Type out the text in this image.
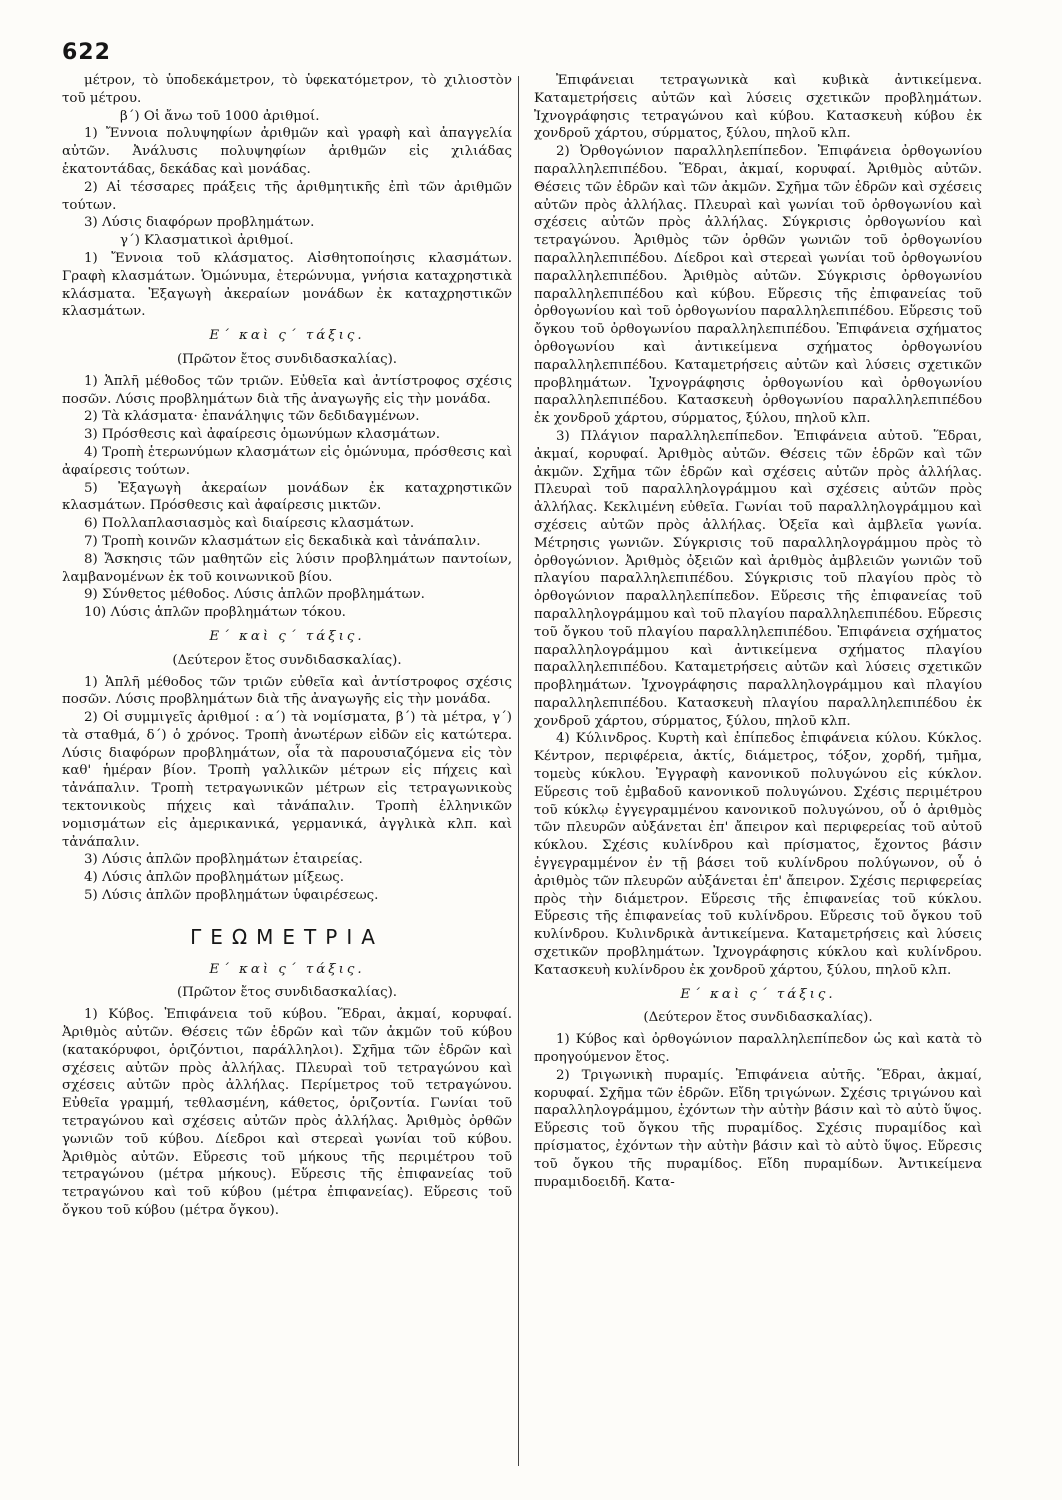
622

μέτρον, τὸ ὑποδεκάμετρον, τὸ ὑφεκατόμετρον, τὸ χιλιοστὸν τοῦ μέτρου.

β΄) Οἱ ἄνω τοῦ 1000 ἀριθμοί.

1) Ἔννοια πολυψηφίων ἀριθμῶν καὶ γραφὴ καὶ ἀπαγγελία αὐτῶν. Ἀνάλυσις πολυψηφίων ἀριθμῶν εἰς χιλιάδας ἑκατοντάδας, δεκάδας καὶ μονάδας.

2) Αἱ τέσσαρες πράξεις τῆς ἀριθμητικῆς ἐπὶ τῶν ἀριθμῶν τούτων.

3) Λύσις διαφόρων προβλημάτων.

γ΄) Κλασματικοὶ ἀριθμοί.

1) Ἔννοια τοῦ κλάσματος. Αἰσθητοποίησις κλασμάτων. Γραφὴ κλασμάτων. Ὁμώνυμα, ἑτερώνυμα, γνήσια καταχρηστικὰ κλάσματα. Ἐξαγωγὴ ἀκεραίων μονάδων ἐκ καταχρηστικῶν κλασμάτων.

Ε΄ καὶ ς΄ τάξις.

(Πρῶτον ἔτος συνδιδασκαλίας).

1) Ἁπλῆ μέθοδος τῶν τριῶν. Εὐθεῖα καὶ ἀντίστροφος σχέσις ποσῶν. Λύσις προβλημάτων διὰ τῆς ἀναγωγῆς εἰς τὴν μονάδα.

2) Τὰ κλάσματα· ἐπανάληψις τῶν δεδιδαγμένων.

3) Πρόσθεσις καὶ ἀφαίρεσις ὁμωνύμων κλασμάτων.

4) Τροπὴ ἑτερωνύμων κλασμάτων εἰς ὁμώνυμα, πρόσθεσις καὶ ἀφαίρεσις τούτων.

5) Ἐξαγωγὴ ἀκεραίων μονάδων ἐκ καταχρηστικῶν κλασμάτων. Πρόσθεσις καὶ ἀφαίρεσις μικτῶν.

6) Πολλαπλασιασμὸς καὶ διαίρεσις κλασμάτων.

7) Τροπὴ κοινῶν κλασμάτων εἰς δεκαδικὰ καὶ τἀνάπαλιν.

8) Ἄσκησις τῶν μαθητῶν εἰς λύσιν προβλημάτων παντοίων, λαμβανομένων ἐκ τοῦ κοινωνικοῦ βίου.

9) Σύνθετος μέθοδος. Λύσις ἁπλῶν προβλημάτων.

10) Λύσις ἁπλῶν προβλημάτων τόκου.

Ε΄ καὶ ς΄ τάξις.

(Δεύτερον ἔτος συνδιδασκαλίας).

1) Ἁπλῆ μέθοδος τῶν τριῶν εὐθεῖα καὶ ἀντίστροφος σχέσις ποσῶν. Λύσις προβλημάτων διὰ τῆς ἀναγωγῆς εἰς τὴν μονάδα.

2) Οἱ συμμιγεῖς ἀριθμοί : α΄) τὰ νομίσματα, β΄) τὰ μέτρα, γ΄) τὰ σταθμά, δ΄) ὁ χρόνος. Τροπὴ ἀνωτέρων εἰδῶν εἰς κατώτερα. Λύσις διαφόρων προβλημάτων, οἷα τὰ παρουσιαζόμενα εἰς τὸν καθ' ἡμέραν βίον. Τροπὴ γαλλικῶν μέτρων εἰς πήχεις καὶ τἀνάπαλιν. Τροπὴ τετραγωνικῶν μέτρων εἰς τετραγωνικοὺς τεκτονικοὺς πήχεις καὶ τἀνάπαλιν. Τροπὴ ἑλληνικῶν νομισμάτων εἰς ἀμερικανικά, γερμανικά, ἀγγλικὰ κλπ. καὶ τἀνάπαλιν.

3) Λύσις ἁπλῶν προβλημάτων ἑταιρείας.

4) Λύσις ἁπλῶν προβλημάτων μίξεως.

5) Λύσις ἁπλῶν προβλημάτων ὑφαιρέσεως.

ΓΕΩΜΕΤΡΙΑ

Ε΄ καὶ ς΄ τάξις.

(Πρῶτον ἔτος συνδιδασκαλίας).

1) Κύβος. Ἐπιφάνεια τοῦ κύβου. Ἕδραι, ἀκμαί, κορυφαί. Ἀριθμὸς αὐτῶν. Θέσεις τῶν ἑδρῶν καὶ τῶν ἀκμῶν τοῦ κύβου (κατακόρυφοι, ὁριζόντιοι, παράλληλοι). Σχῆμα τῶν ἑδρῶν καὶ σχέσεις αὐτῶν πρὸς ἀλλήλας. Πλευραὶ τοῦ τετραγώνου καὶ σχέσεις αὐτῶν πρὸς ἀλλήλας. Περίμετρος τοῦ τετραγώνου. Εὐθεῖα γραμμή, τεθλασμένη, κάθετος, ὁριζοντία. Γωνίαι τοῦ τετραγώνου καὶ σχέσεις αὐτῶν πρὸς ἀλλήλας. Ἀριθμὸς ὀρθῶν γωνιῶν τοῦ κύβου. Δίεδροι καὶ στερεαὶ γωνίαι τοῦ κύβου. Ἀριθμὸς αὐτῶν. Εὕρεσις τοῦ μήκους τῆς περιμέτρου τοῦ τετραγώνου (μέτρα μήκους). Εὕρεσις τῆς ἐπιφανείας τοῦ τετραγώνου καὶ τοῦ κύβου (μέτρα ἐπιφανείας). Εὕρεσις τοῦ ὄγκου τοῦ κύβου (μέτρα ὄγκου).

Ἐπιφάνειαι τετραγωνικὰ καὶ κυβικὰ ἀντικείμενα. Καταμετρήσεις αὐτῶν καὶ λύσεις σχετικῶν προβλημάτων. Ἰχνογράφησις τετραγώνου καὶ κύβου. Κατασκευὴ κύβου ἐκ χονδροῦ χάρτου, σύρματος, ξύλου, πηλοῦ κλπ.

2) Ὀρθογώνιον παραλληλεπίπεδον. Ἐπιφάνεια ὀρθογωνίου παραλληλεπιπέδου. Ἕδραι, ἀκμαί, κορυφαί. Ἀριθμὸς αὐτῶν. Θέσεις τῶν ἑδρῶν καὶ τῶν ἀκμῶν. Σχῆμα τῶν ἑδρῶν καὶ σχέσεις αὐτῶν πρὸς ἀλλήλας. Πλευραὶ καὶ γωνίαι τοῦ ὀρθογωνίου καὶ σχέσεις αὐτῶν πρὸς ἀλλήλας. Σύγκρισις ὀρθογωνίου καὶ τετραγώνου. Ἀριθμὸς τῶν ὀρθῶν γωνιῶν τοῦ ὀρθογωνίου παραλληλεπιπέδου. Δίεδροι καὶ στερεαὶ γωνίαι τοῦ ὀρθογωνίου παραλληλεπιπέδου. Ἀριθμὸς αὐτῶν. Σύγκρισις ὀρθογωνίου παραλληλεπιπέδου καὶ κύβου. Εὕρεσις τῆς ἐπιφανείας τοῦ ὀρθογωνίου καὶ τοῦ ὀρθογωνίου παραλληλεπιπέδου. Εὕρεσις τοῦ ὄγκου τοῦ ὀρθογωνίου παραλληλεπιπέδου. Ἐπιφάνεια σχήματος ὀρθογωνίου καὶ ἀντικείμενα σχήματος ὀρθογωνίου παραλληλεπιπέδου. Καταμετρήσεις αὐτῶν καὶ λύσεις σχετικῶν προβλημάτων. Ἰχνογράφησις ὀρθογωνίου καὶ ὀρθογωνίου παραλληλεπιπέδου. Κατασκευὴ ὀρθογωνίου παραλληλεπιπέδου ἐκ χονδροῦ χάρτου, σύρματος, ξύλου, πηλοῦ κλπ.

3) Πλάγιον παραλληλεπίπεδον. Ἐπιφάνεια αὐτοῦ. Ἕδραι, ἀκμαί, κορυφαί. Ἀριθμὸς αὐτῶν. Θέσεις τῶν ἑδρῶν καὶ τῶν ἀκμῶν. Σχῆμα τῶν ἑδρῶν καὶ σχέσεις αὐτῶν πρὸς ἀλλήλας. Πλευραὶ τοῦ παραλληλογράμμου καὶ σχέσεις αὐτῶν πρὸς ἀλλήλας. Κεκλιμένη εὐθεῖα. Γωνίαι τοῦ παραλληλογράμμου καὶ σχέσεις αὐτῶν πρὸς ἀλλήλας. Ὀξεῖα καὶ ἀμβλεῖα γωνία. Μέτρησις γωνιῶν. Σύγκρισις τοῦ παραλληλογράμμου πρὸς τὸ ὀρθογώνιον. Ἀριθμὸς ὀξειῶν καὶ ἀριθμὸς ἀμβλειῶν γωνιῶν τοῦ πλαγίου παραλληλεπιπέδου. Σύγκρισις τοῦ πλαγίου πρὸς τὸ ὀρθογώνιον παραλληλεπίπεδον. Εὕρεσις τῆς ἐπιφανείας τοῦ παραλληλογράμμου καὶ τοῦ πλαγίου παραλληλεπιπέδου. Εὕρεσις τοῦ ὄγκου τοῦ πλαγίου παραλληλεπιπέδου. Ἐπιφάνεια σχήματος παραλληλογράμμου καὶ ἀντικείμενα σχήματος πλαγίου παραλληλεπιπέδου. Καταμετρήσεις αὐτῶν καὶ λύσεις σχετικῶν προβλημάτων. Ἰχνογράφησις παραλληλογράμμου καὶ πλαγίου παραλληλεπιπέδου. Κατασκευὴ πλαγίου παραλληλεπιπέδου ἐκ χονδροῦ χάρτου, σύρματος, ξύλου, πηλοῦ κλπ.

4) Κύλινδρος. Κυρτὴ καὶ ἐπίπεδος ἐπιφάνεια κύλου. Κύκλος. Κέντρον, περιφέρεια, ἀκτίς, διάμετρος, τόξον, χορδή, τμῆμα, τομεὺς κύκλου. Ἐγγραφὴ κανονικοῦ πολυγώνου εἰς κύκλον. Εὕρεσις τοῦ ἐμβαδοῦ κανονικοῦ πολυγώνου. Σχέσις περιμέτρου τοῦ κύκλῳ ἐγγεγραμμένου κανονικοῦ πολυγώνου, οὗ ὁ ἀριθμὸς τῶν πλευρῶν αὐξάνεται ἐπ' ἄπειρον καὶ περιφερείας τοῦ αὐτοῦ κύκλου. Σχέσις κυλίνδρου καὶ πρίσματος, ἔχοντος βάσιν ἐγγεγραμμένον ἐν τῇ βάσει τοῦ κυλίνδρου πολύγωνον, οὗ ὁ ἀριθμὸς τῶν πλευρῶν αὐξάνεται ἐπ' ἄπειρον. Σχέσις περιφερείας πρὸς τὴν διάμετρον. Εὕρεσις τῆς ἐπιφανείας τοῦ κύκλου. Εὕρεσις τῆς ἐπιφανείας τοῦ κυλίνδρου. Εὕρεσις τοῦ ὄγκου τοῦ κυλίνδρου. Κυλινδρικὰ ἀντικείμενα. Καταμετρήσεις καὶ λύσεις σχετικῶν προβλημάτων. Ἰχνογράφησις κύκλου καὶ κυλίνδρου. Κατασκευὴ κυλίνδρου ἐκ χονδροῦ χάρτου, ξύλου, πηλοῦ κλπ.

Ε΄ καὶ ς΄ τάξις.

(Δεύτερον ἔτος συνδιδασκαλίας).

1) Κύβος καὶ ὀρθογώνιον παραλληλεπίπεδον ὡς καὶ κατὰ τὸ προηγούμενον ἔτος.

2) Τριγωνικὴ πυραμίς. Ἐπιφάνεια αὐτῆς. Ἕδραι, ἀκμαί, κορυφαί. Σχῆμα τῶν ἑδρῶν. Εἴδη τριγώνων. Σχέσις τριγώνου καὶ παραλληλογράμμου, ἐχόντων τὴν αὐτὴν βάσιν καὶ τὸ αὐτὸ ὕψος. Εὕρεσις τοῦ ὄγκου τῆς πυραμίδος. Σχέσις πυραμίδος καὶ πρίσματος, ἐχόντων τὴν αὐτὴν βάσιν καὶ τὸ αὐτὸ ὕψος. Εὕρεσις τοῦ ὄγκου τῆς πυραμίδος. Εἴδη πυραμίδων. Ἀντικείμενα πυραμιδοειδῆ. Κατα-
